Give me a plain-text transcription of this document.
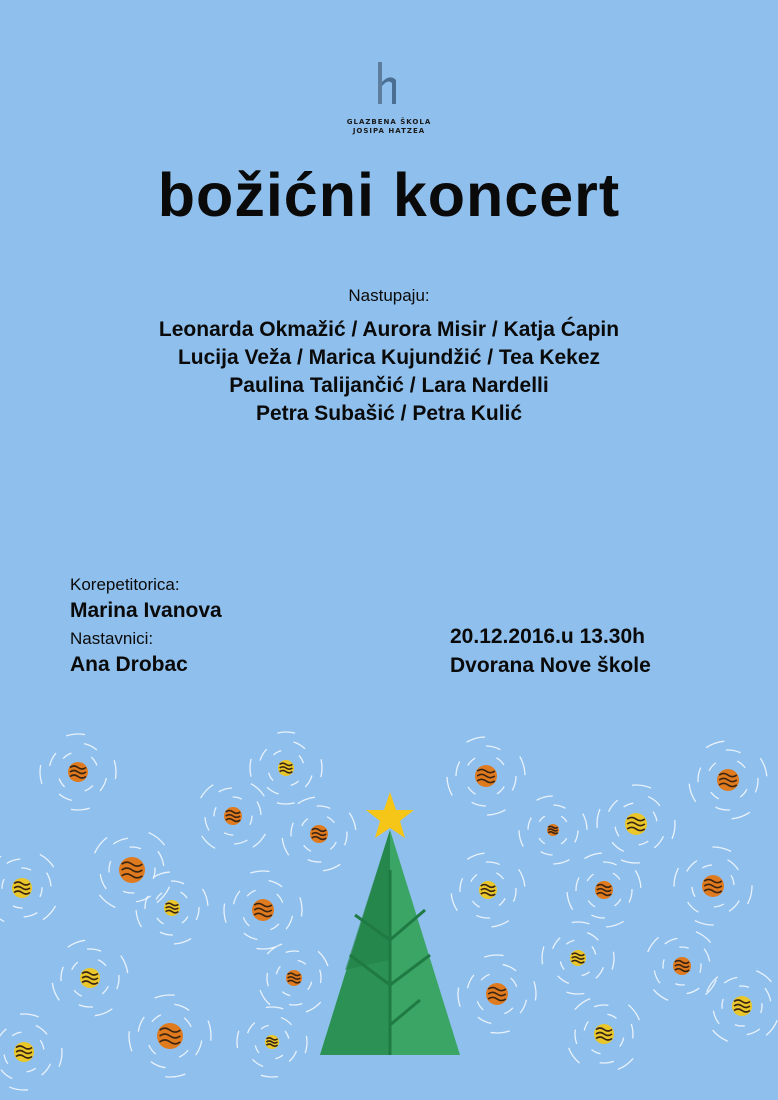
GLAZBENA ŠKOLA
JOSIPA HATZEA
božićni koncert
Nastupaju:
Leonarda Okmažić / Aurora Misir / Katja Ćapin
Lucija Veža / Marica Kujundžić / Tea Kekez
Paulina Talijančić / Lara Nardelli
Petra Subašić / Petra Kulić
Korepetitorica:
Marina Ivanova
Nastavnici:
Ana Drobac
20.12.2016.u 13.30h
Dvorana Nove škole
